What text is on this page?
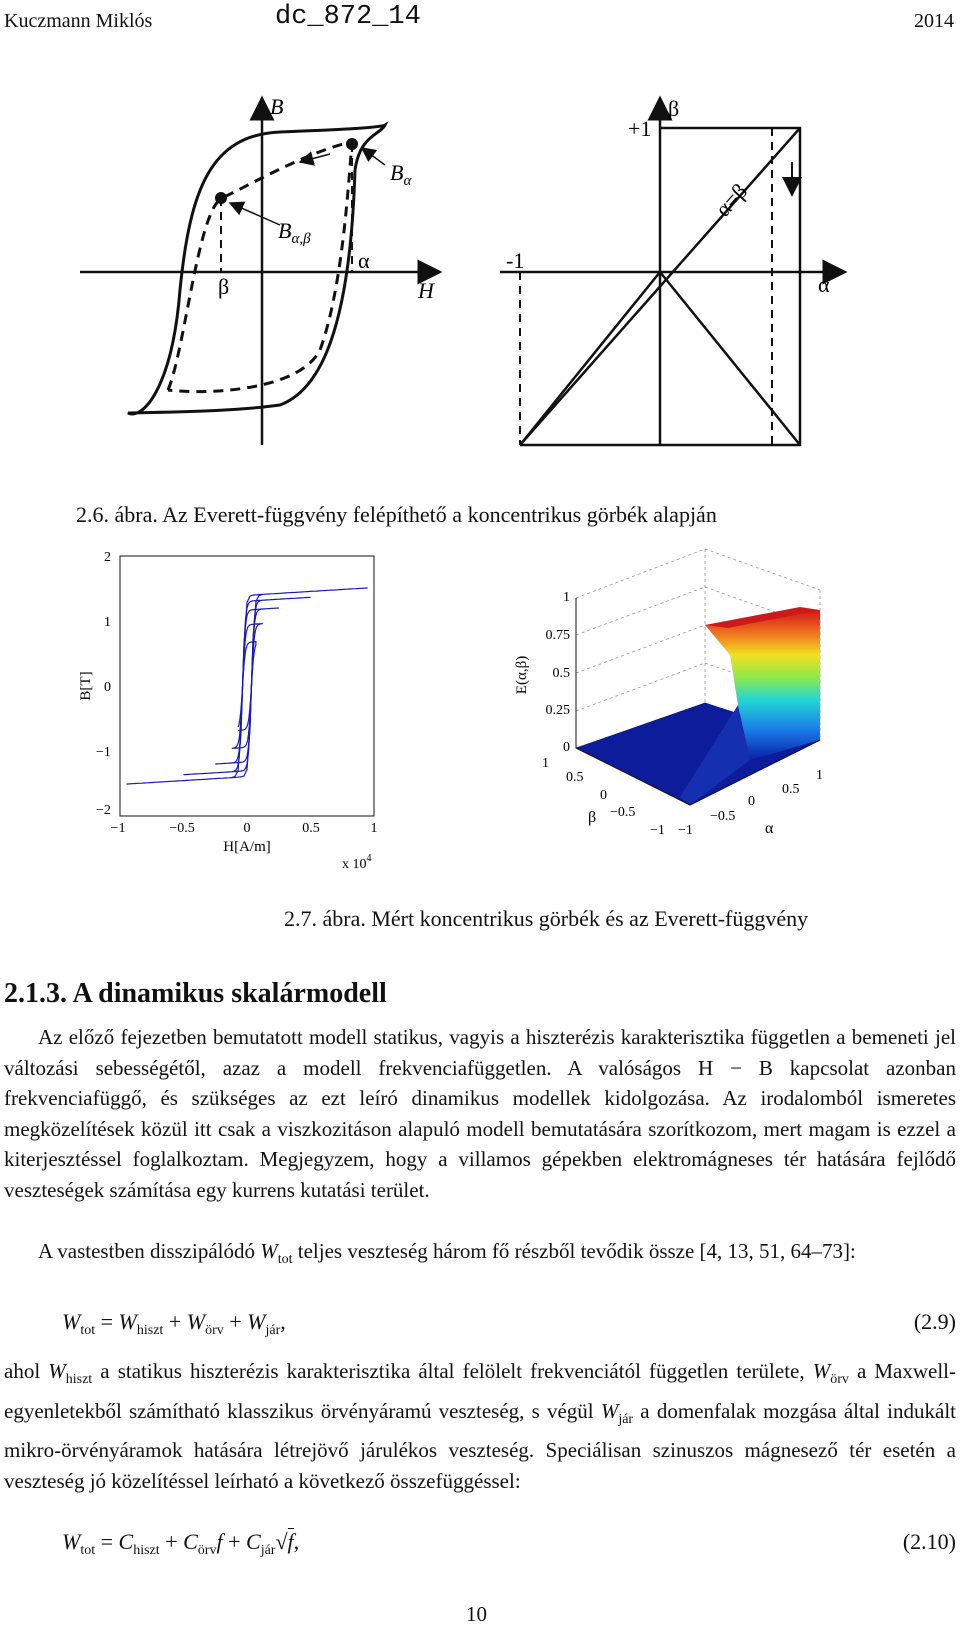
Kuczmann Miklós	dc_872_14	2014
B
$B_\alpha$
$B_{\alpha,\beta}$
α
β	H
β
+1
-1
α
α=β
2.6. ábra. Az Everett-függvény felépíthető a koncentrikus görbék alapján
2
1
0
−1
−2
−1	−0.5	0	0.5	1
H[A/m]
x $10^4$
B[T]
1
0.75
0.5
0.25
0
1
0.5
0
−0.5
−1 −1
−0.5
0
0.5
1
β
α
E(α,β)
2.7. ábra. Mért koncentrikus görbék és az Everett-függvény
2.1.3. A dinamikus skalármodell

Az előző fejezetben bemutatott modell statikus, vagyis a hiszterézis karakterisztika független a bemeneti jel változási sebességétől, azaz a modell frekvenciafüggetlen. A valóságos H − B kapcsolat azonban frekvenciafüggő, és szükséges az ezt leíró dinamikus modellek kidolgozása. Az irodalomból ismeretes megközelítések közül itt csak a viszkozitáson alapuló modell bemutatására szorítkozom, mert magam is ezzel a kiterjesztéssel foglalkoztam. Megjegyzem, hogy a villamos gépekben elektromágneses tér hatására fejlődő veszteségek számítása egy kurrens kutatási terület.

A vastestben disszipálódó $W_{tot}$ teljes veszteség három fő részből tevődik össze [4, 13, 51, 64–73]:

$W_{tot} = W_{hiszt} + W_{örv} + W_{jár}$,	(2.9)

ahol $W_{hiszt}$ a statikus hiszterézis karakterisztika által felölelt frekvenciától független területe, $W_{örv}$ a Maxwell-egyenletekből számítható klasszikus örvényáramú veszteség, s végül $W_{jár}$ a domenfalak mozgása által indukált mikro-örvényáramok hatására létrejövő járulékos veszteség. Speciálisan szinuszos mágnesező tér esetén a veszteség jó közelítéssel leírható a következő összefüggéssel:

$W_{tot} = C_{hiszt} + C_{örv}f + C_{jár}√f$,	(2.10)
10
